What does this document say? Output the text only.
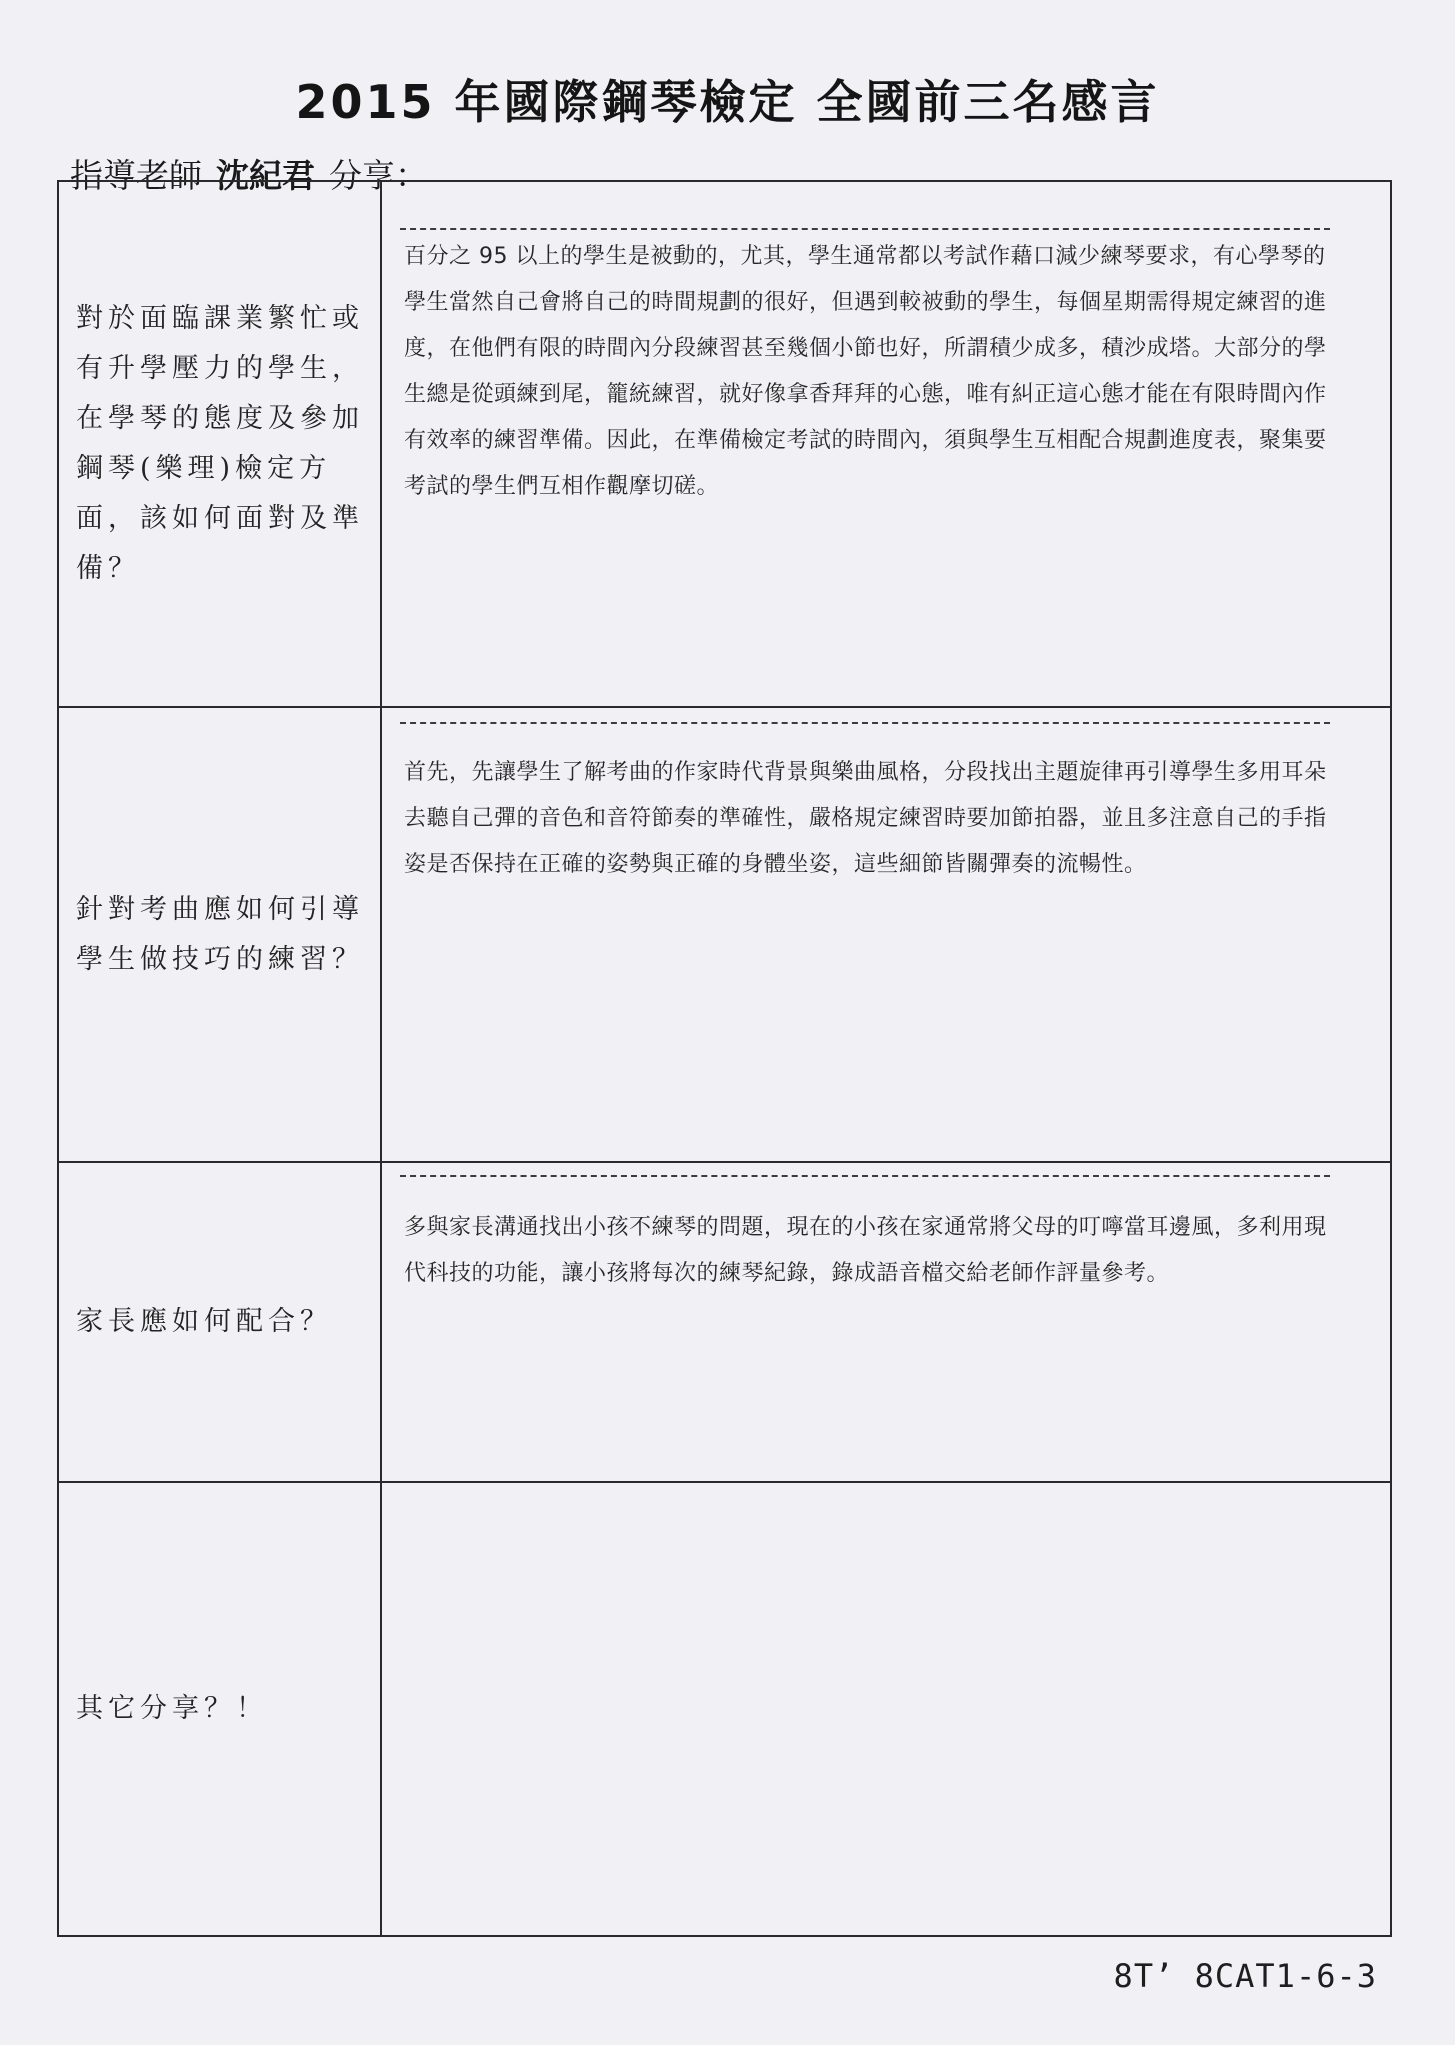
2015 年國際鋼琴檢定 全國前三名感言
指導老師 沈紀君 分享：
對於面臨課業繁忙或有升學壓力的學生，在學琴的態度及參加鋼琴(樂理)檢定方面，該如何面對及準備？
百分之 95 以上的學生是被動的，尤其，學生通常都以考試作藉口減少練琴要求，有心學琴的學生當然自己會將自己的時間規劃的很好，但遇到較被動的學生，每個星期需得規定練習的進度，在他們有限的時間內分段練習甚至幾個小節也好，所謂積少成多，積沙成塔。大部分的學生總是從頭練到尾，籠統練習，就好像拿香拜拜的心態，唯有糾正這心態才能在有限時間內作有效率的練習準備。因此，在準備檢定考試的時間內，須與學生互相配合規劃進度表，聚集要考試的學生們互相作觀摩切磋。
針對考曲應如何引導學生做技巧的練習？
首先，先讓學生了解考曲的作家時代背景與樂曲風格，分段找出主題旋律再引導學生多用耳朵去聽自己彈的音色和音符節奏的準確性，嚴格規定練習時要加節拍器，並且多注意自己的手指姿是否保持在正確的姿勢與正確的身體坐姿，這些細節皆關彈奏的流暢性。
家長應如何配合？
多與家長溝通找出小孩不練琴的問題，現在的小孩在家通常將父母的叮嚀當耳邊風，多利用現代科技的功能，讓小孩將每次的練琴紀錄，錄成語音檔交給老師作評量參考。
其它分享？！
8T’ 8CAT1-6-3
